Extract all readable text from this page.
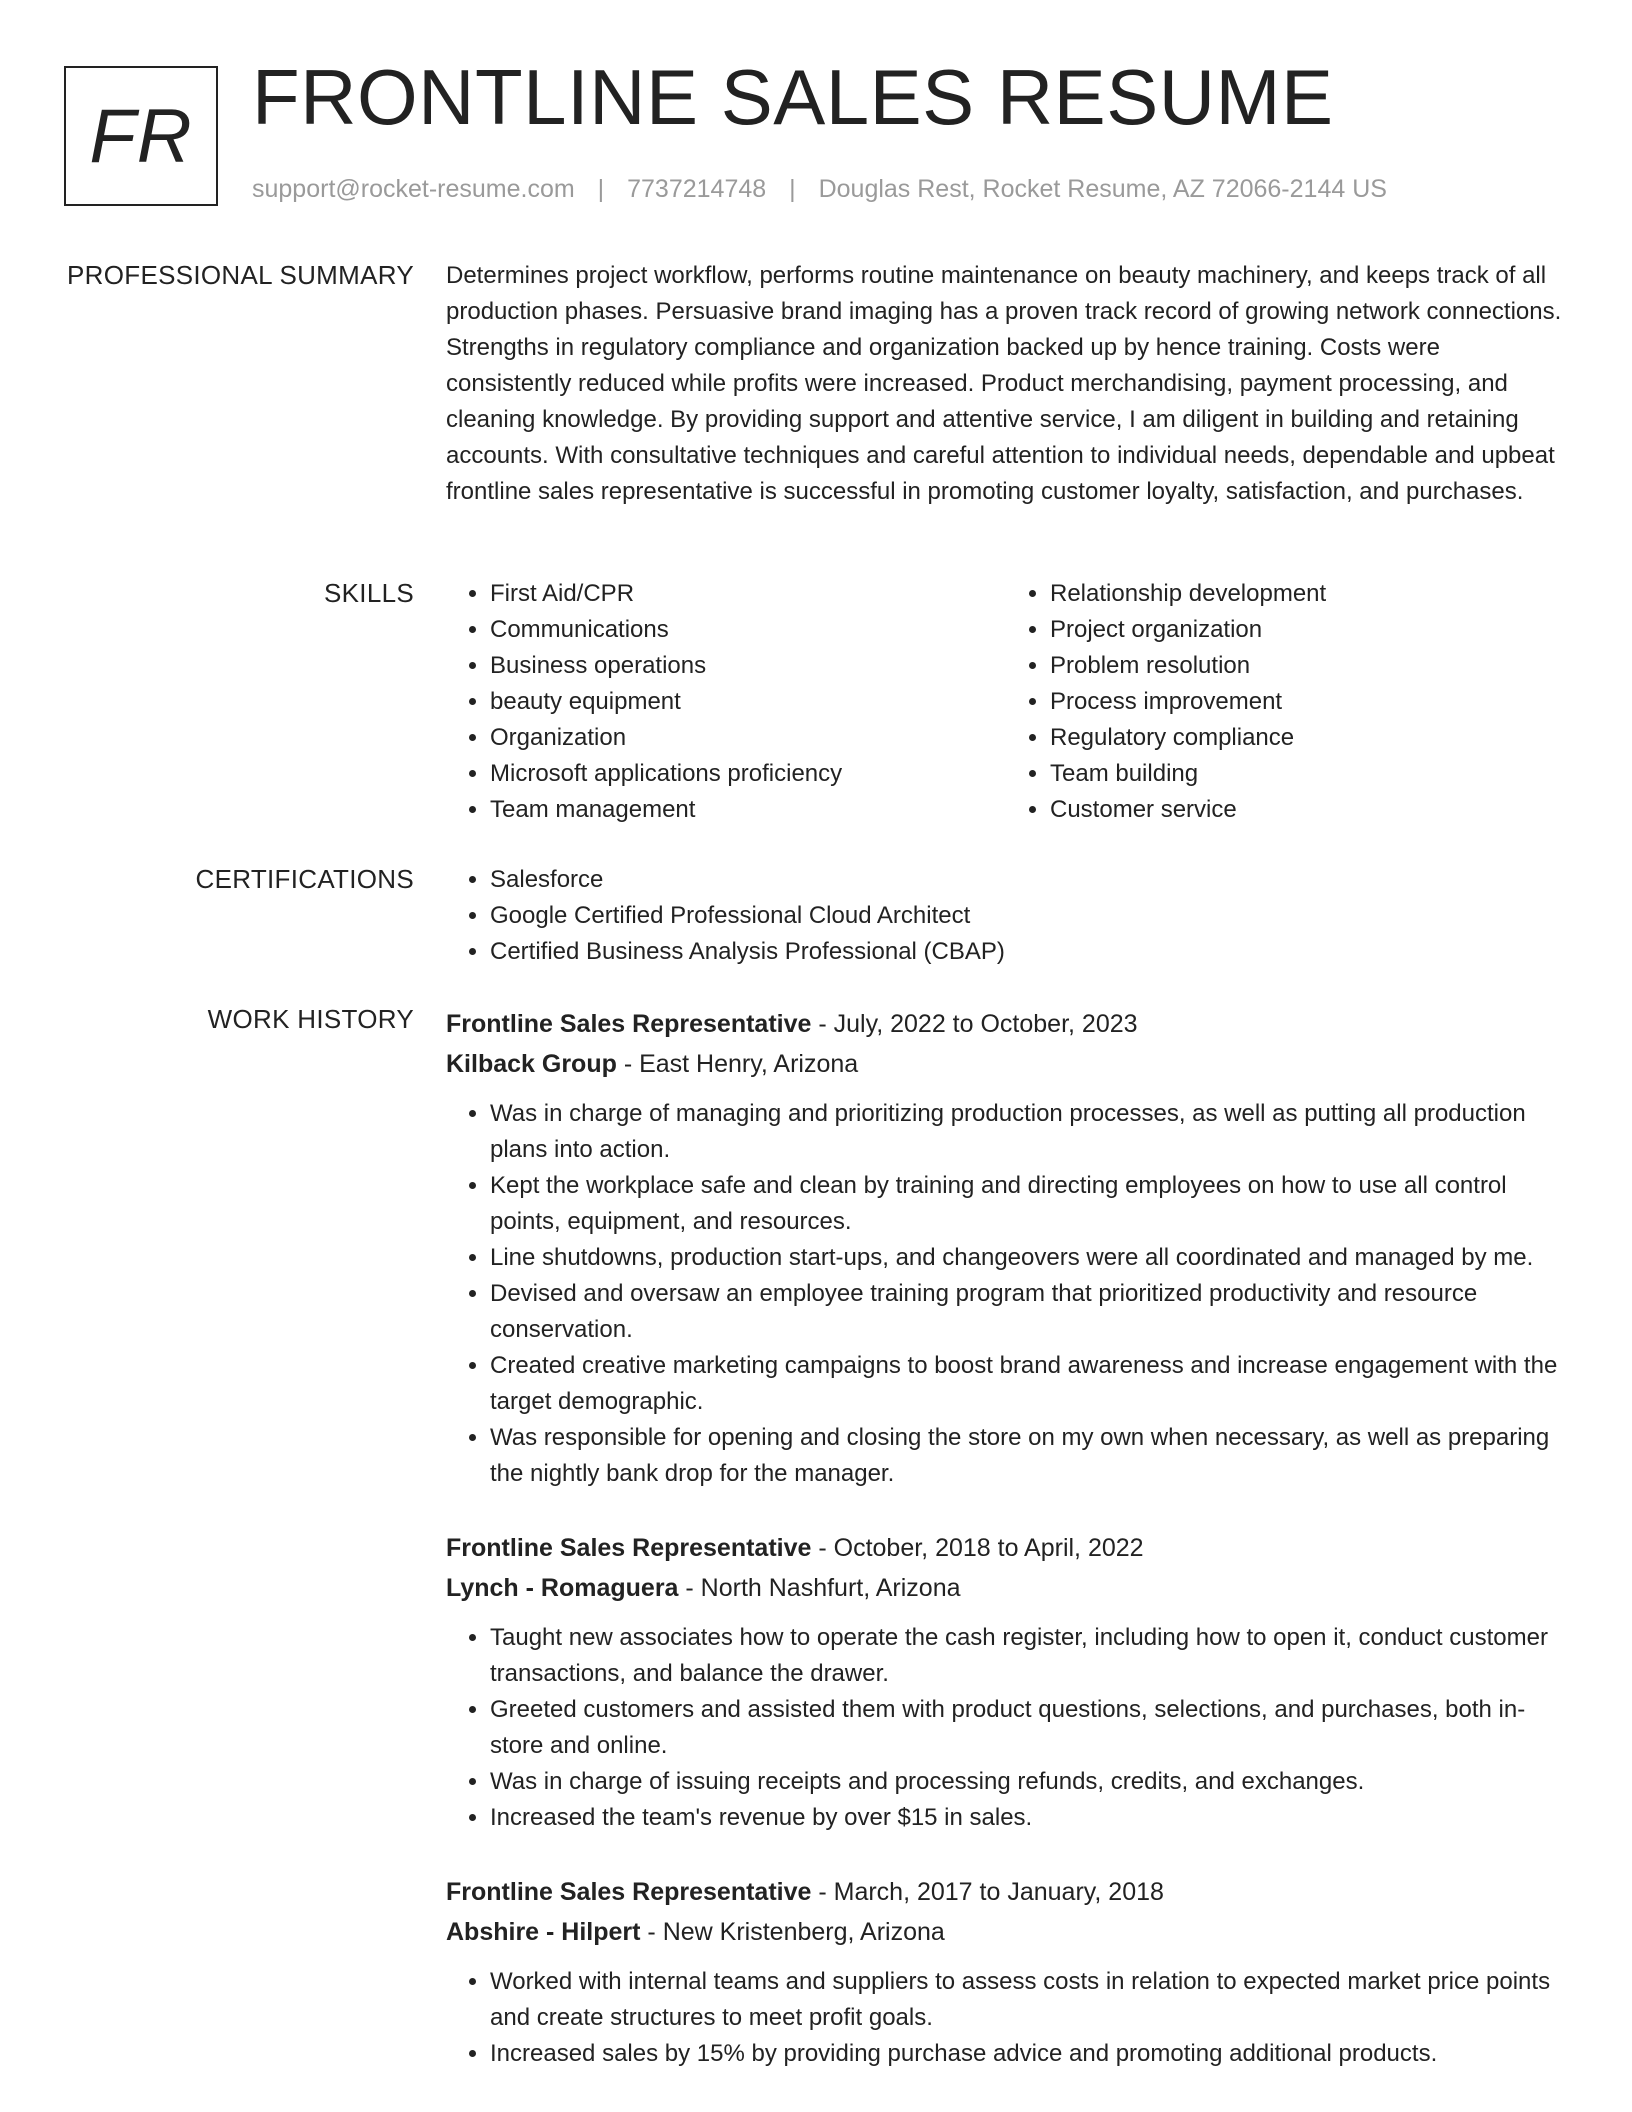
FR FRONTLINE SALES RESUME
support@rocket-resume.com | 7737214748 | Douglas Rest, Rocket Resume, AZ 72066-2144 US
PROFESSIONAL SUMMARY Determines project workflow, performs routine maintenance on beauty machinery, and keeps track of all production phases. Persuasive brand imaging has a proven track record of growing network connections. Strengths in regulatory compliance and organization backed up by hence training. Costs were consistently reduced while profits were increased. Product merchandising, payment processing, and cleaning knowledge. By providing support and attentive service, I am diligent in building and retaining accounts. With consultative techniques and careful attention to individual needs, dependable and upbeat frontline sales representative is successful in promoting customer loyalty, satisfaction, and purchases.

SKILLS	• First Aid/CPR
• Communications
• Business operations
• beauty equipment
• Organization
• Microsoft applications proficiency
• Team management
• Relationship development
• Project organization
• Problem resolution
• Process improvement
• Regulatory compliance
• Team building
• Customer service
CERTIFICATIONS	• Salesforce
• Google Certified Professional Cloud Architect
• Certified Business Analysis Professional (CBAP)
WORK HISTORY Frontline Sales Representative - July, 2022 to October, 2023
Kilback Group - East Henry, Arizona
• Was in charge of managing and prioritizing production processes, as well as putting all production plans into action.
• Kept the workplace safe and clean by training and directing employees on how to use all control points, equipment, and resources.
• Line shutdowns, production start-ups, and changeovers were all coordinated and managed by me.
• Devised and oversaw an employee training program that prioritized productivity and resource conservation.
• Created creative marketing campaigns to boost brand awareness and increase engagement with the target demographic.
• Was responsible for opening and closing the store on my own when necessary, as well as preparing the nightly bank drop for the manager.
Frontline Sales Representative - October, 2018 to April, 2022
Lynch - Romaguera - North Nashfurt, Arizona
• Taught new associates how to operate the cash register, including how to open it, conduct customer transactions, and balance the drawer.
• Greeted customers and assisted them with product questions, selections, and purchases, both in-store and online.
• Was in charge of issuing receipts and processing refunds, credits, and exchanges.
• Increased the team's revenue by over $15 in sales.
Frontline Sales Representative - March, 2017 to January, 2018
Abshire - Hilpert - New Kristenberg, Arizona
• Worked with internal teams and suppliers to assess costs in relation to expected market price points and create structures to meet profit goals.
• Increased sales by 15% by providing purchase advice and promoting additional products.
